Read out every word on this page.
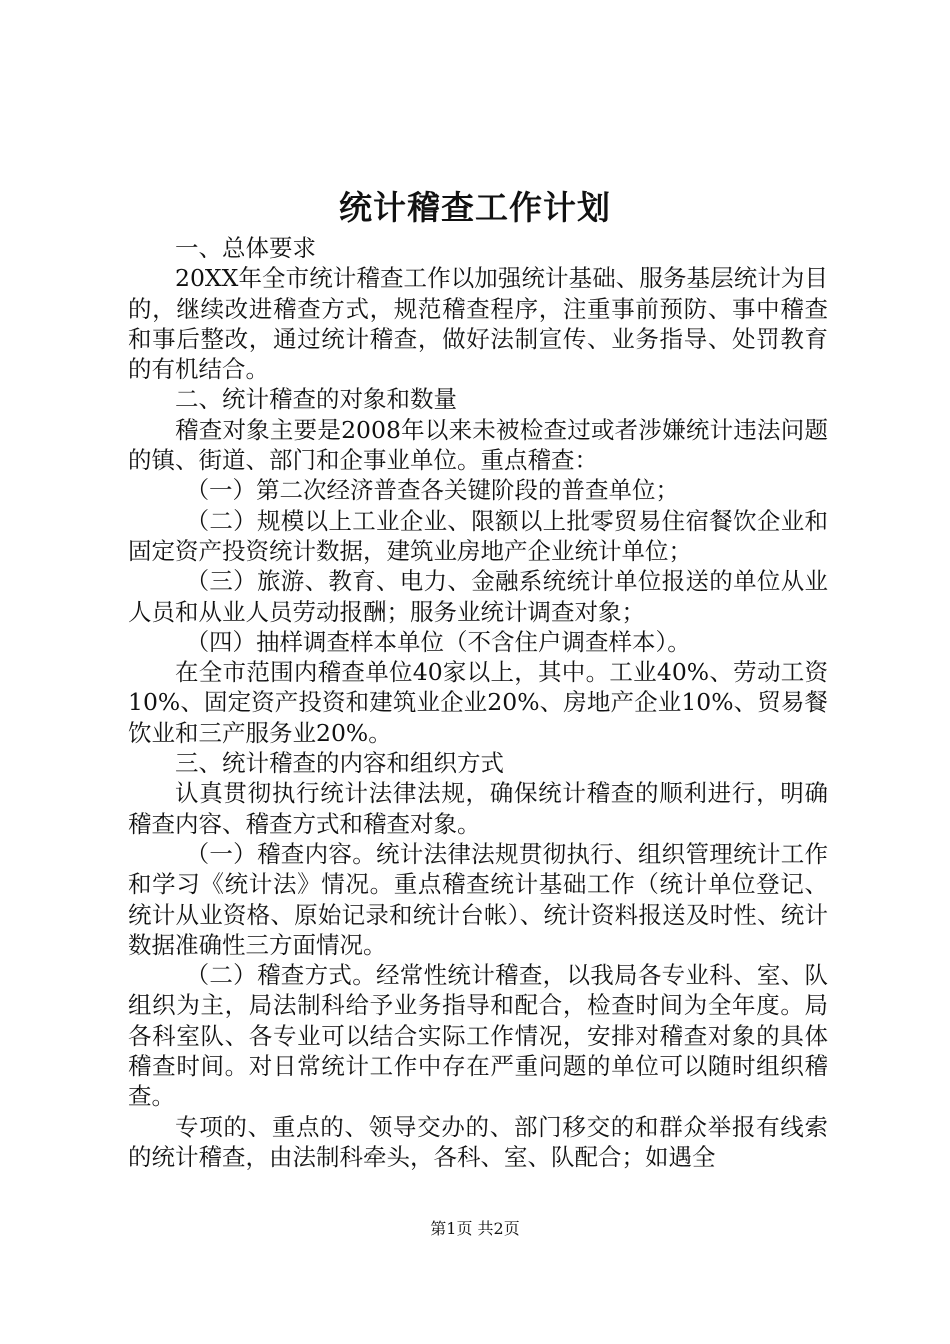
统计稽查工作计划

一、总体要求

20XX年全市统计稽查工作以加强统计基础、服务基层统计为目的，继续改进稽查方式，规范稽查程序，注重事前预防、事中稽查和事后整改，通过统计稽查，做好法制宣传、业务指导、处罚教育的有机结合。

二、统计稽查的对象和数量

稽查对象主要是2008年以来未被检查过或者涉嫌统计违法问题的镇、街道、部门和企事业单位。重点稽查：

（一）第二次经济普查各关键阶段的普查单位；

（二）规模以上工业企业、限额以上批零贸易住宿餐饮企业和固定资产投资统计数据，建筑业房地产企业统计单位；

（三）旅游、教育、电力、金融系统统计单位报送的单位从业人员和从业人员劳动报酬；服务业统计调查对象；

（四）抽样调查样本单位（不含住户调查样本）。

在全市范围内稽查单位40家以上，其中。工业40%、劳动工资10%、固定资产投资和建筑业企业20%、房地产企业10%、贸易餐饮业和三产服务业20%。

三、统计稽查的内容和组织方式

认真贯彻执行统计法律法规，确保统计稽查的顺利进行，明确稽查内容、稽查方式和稽查对象。

（一）稽查内容。统计法律法规贯彻执行、组织管理统计工作和学习《统计法》情况。重点稽查统计基础工作（统计单位登记、统计从业资格、原始记录和统计台帐）、统计资料报送及时性、统计数据准确性三方面情况。

（二）稽查方式。经常性统计稽查，以我局各专业科、室、队组织为主，局法制科给予业务指导和配合，检查时间为全年度。局各科室队、各专业可以结合实际工作情况，安排对稽查对象的具体稽查时间。对日常统计工作中存在严重问题的单位可以随时组织稽查。

专项的、重点的、领导交办的、部门移交的和群众举报有线索的统计稽查，由法制科牵头，各科、室、队配合；如遇全

第1页 共2页
